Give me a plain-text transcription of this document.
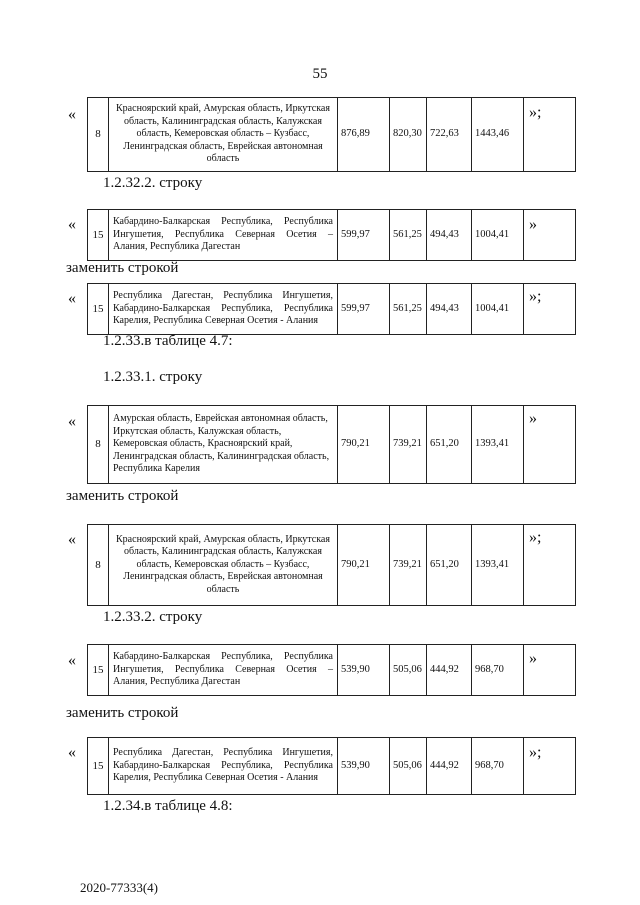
55
«
8	Красноярский край, Амурская область, Иркутская область, Калининградская область, Калужская область, Кемеровская область – Кузбасс, Ленинградская область, Еврейская автономная область	876,89	820,30	722,63	1443,46	
»;
1.2.32.2. строку
«
15	Кабардино-Балкарская Республика, Республика Ингушетия, Республика Северная Осетия – Алания, Республика Дагестан	599,97	561,25	494,43	1004,41	
»
заменить строкой
«
15	Республика Дагестан, Республика Ингушетия, Кабардино-Балкарская Республика, Республика Карелия, Республика Северная Осетия - Алания	599,97	561,25	494,43	1004,41	
»;
1.2.33.в таблице 4.7:
1.2.33.1. строку
«
8	Амурская область, Еврейская автономная область, Иркутская область, Калужская область, Кемеровская область, Красноярский край, Ленинградская область, Калининградская область, Республика Карелия	790,21	739,21	651,20	1393,41	
»
заменить строкой
«
8	Красноярский край, Амурская область, Иркутская область, Калининградская область, Калужская область, Кемеровская область – Кузбасс, Ленинградская область, Еврейская автономная область	790,21	739,21	651,20	1393,41	
»;
1.2.33.2. строку
«
15	Кабардино-Балкарская Республика, Республика Ингушетия, Республика Северная Осетия – Алания, Республика Дагестан	539,90	505,06	444,92	968,70	
»
заменить строкой
«
15	Республика Дагестан, Республика Ингушетия, Кабардино-Балкарская Республика, Республика Карелия, Республика Северная Осетия - Алания	539,90	505,06	444,92	968,70	
»;
1.2.34.в таблице 4.8:
2020-77333(4)
